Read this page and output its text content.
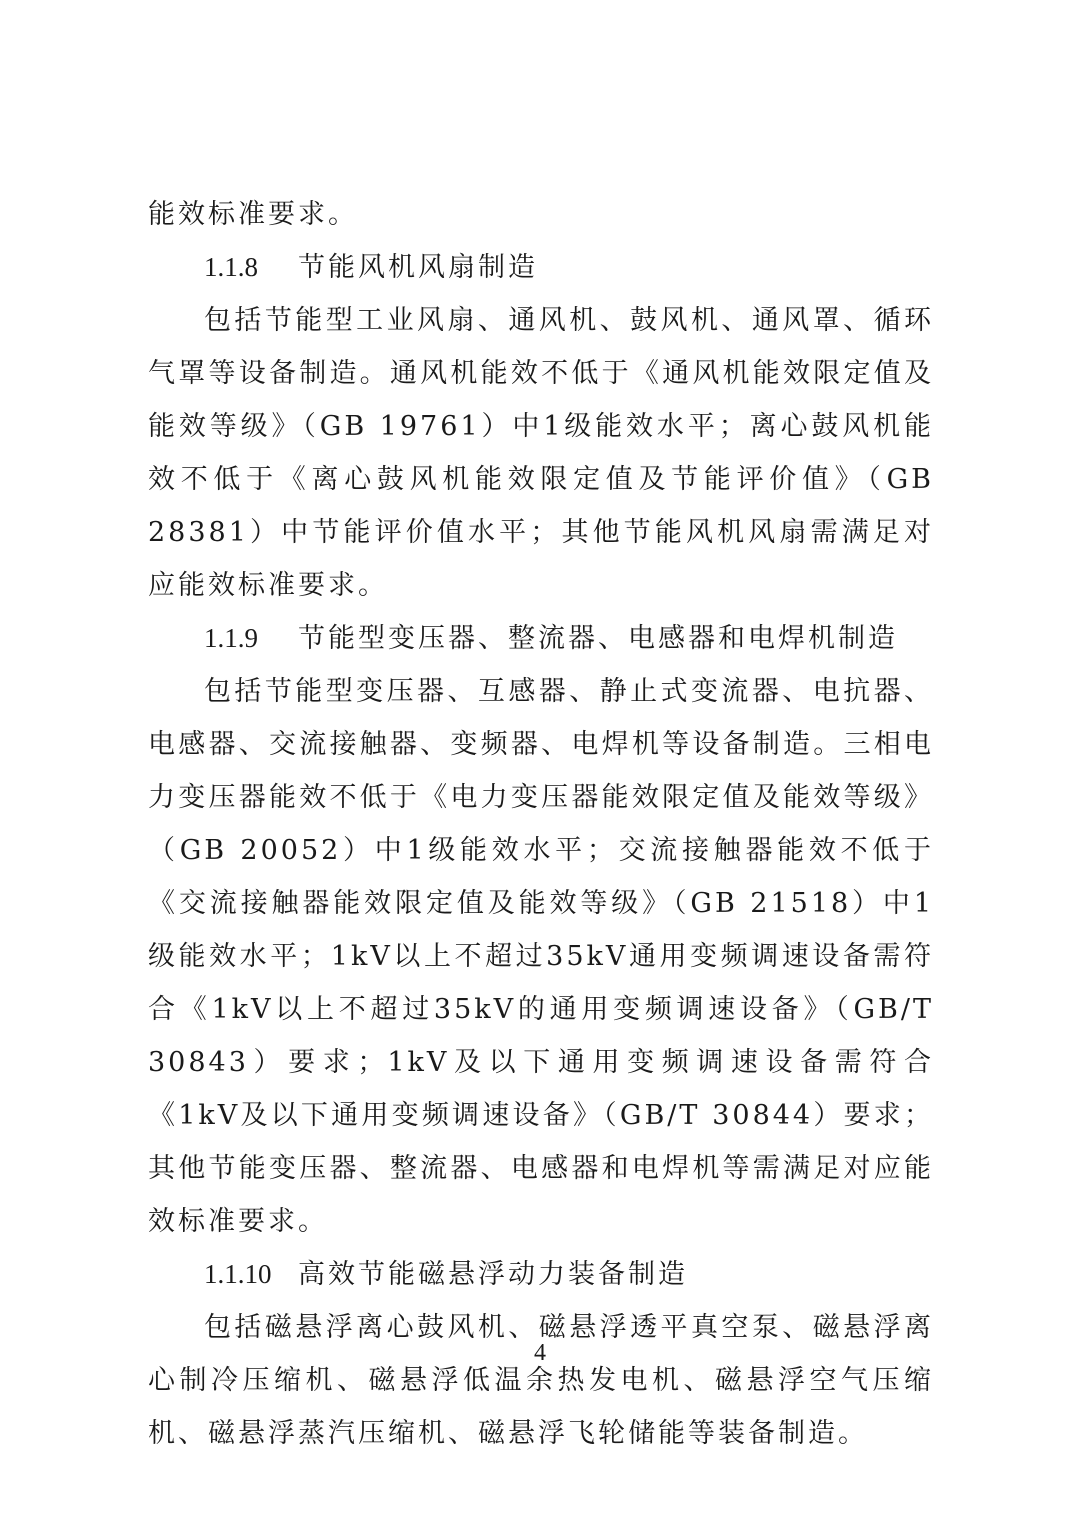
能效标准要求。

1.1.8 节能风机风扇制造

包括节能型工业风扇、通风机、鼓风机、通风罩、循环气罩等设备制造。通风机能效不低于《通风机能效限定值及能效等级》（GB 19761）中1级能效水平；离心鼓风机能效不低于《离心鼓风机能效限定值及节能评价值》（GB 28381）中节能评价值水平；其他节能风机风扇需满足对应能效标准要求。

1.1.9 节能型变压器、整流器、电感器和电焊机制造

包括节能型变压器、互感器、静止式变流器、电抗器、电感器、交流接触器、变频器、电焊机等设备制造。三相电力变压器能效不低于《电力变压器能效限定值及能效等级》（GB 20052）中1级能效水平；交流接触器能效不低于《交流接触器能效限定值及能效等级》（GB 21518）中1级能效水平；1kV以上不超过35kV通用变频调速设备需符合《1kV以上不超过35kV的通用变频调速设备》（GB/T 30843）要求；1kV及以下通用变频调速设备需符合《1kV及以下通用变频调速设备》（GB/T 30844）要求；其他节能变压器、整流器、电感器和电焊机等需满足对应能效标准要求。

1.1.10 高效节能磁悬浮动力装备制造

包括磁悬浮离心鼓风机、磁悬浮透平真空泵、磁悬浮离心制冷压缩机、磁悬浮低温余热发电机、磁悬浮空气压缩机、磁悬浮蒸汽压缩机、磁悬浮飞轮储能等装备制造。

4
